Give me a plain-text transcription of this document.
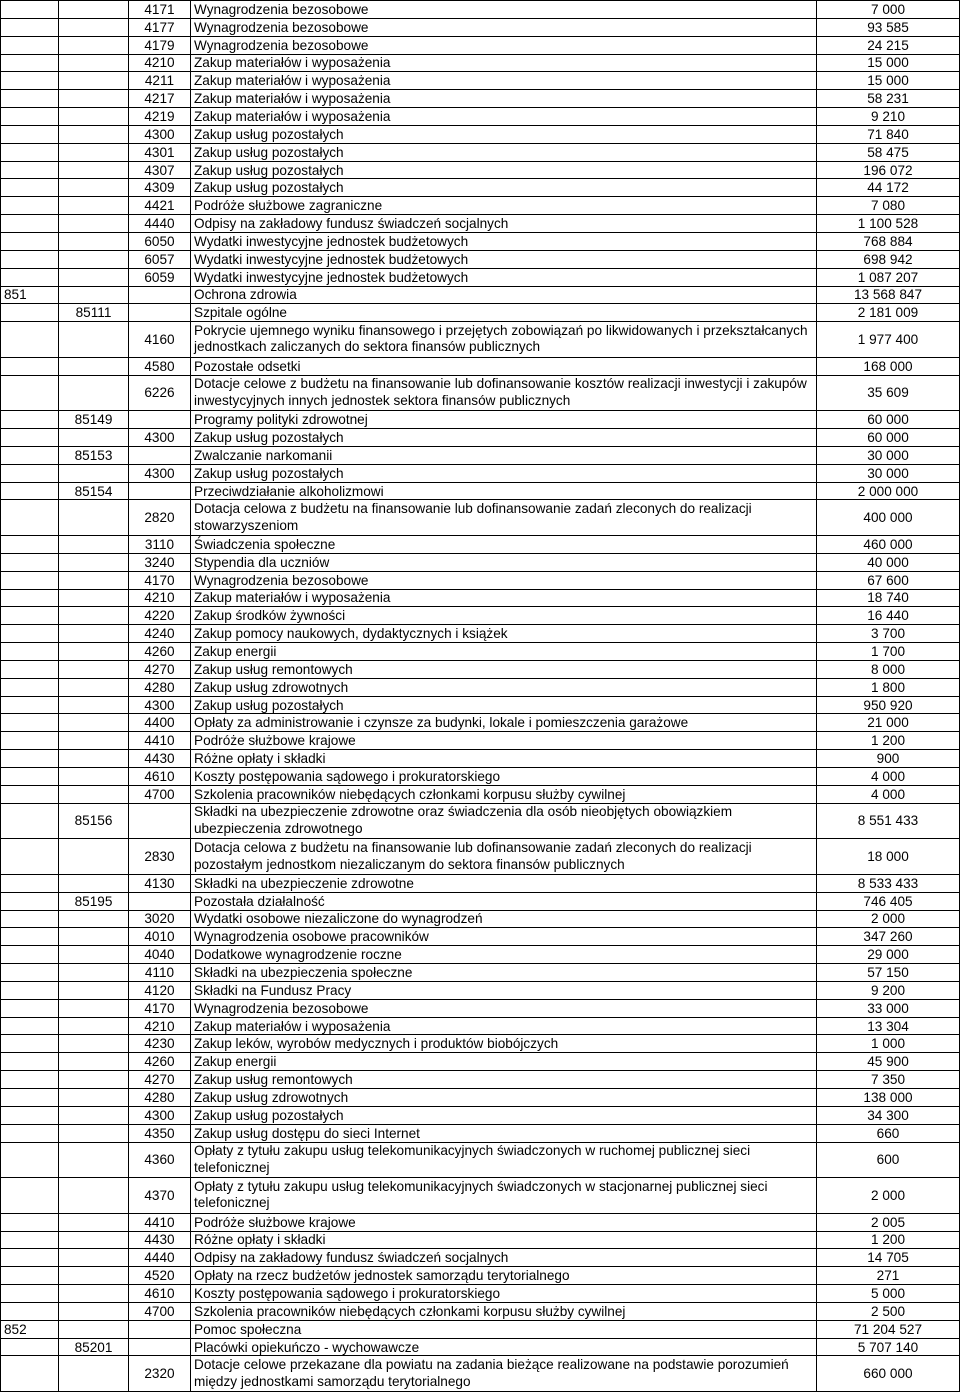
		4171	Wynagrodzenia bezosobowe	7 000
		4177	Wynagrodzenia bezosobowe	93 585
		4179	Wynagrodzenia bezosobowe	24 215
		4210	Zakup materiałów i wyposażenia	15 000
		4211	Zakup materiałów i wyposażenia	15 000
		4217	Zakup materiałów i wyposażenia	58 231
		4219	Zakup materiałów i wyposażenia	9 210
		4300	Zakup usług pozostałych	71 840
		4301	Zakup usług pozostałych	58 475
		4307	Zakup usług pozostałych	196 072
		4309	Zakup usług pozostałych	44 172
		4421	Podróże służbowe zagraniczne	7 080
		4440	Odpisy na zakładowy fundusz świadczeń socjalnych	1 100 528
		6050	Wydatki inwestycyjne jednostek budżetowych	768 884
		6057	Wydatki inwestycyjne jednostek budżetowych	698 942
		6059	Wydatki inwestycyjne jednostek budżetowych	1 087 207
851			Ochrona zdrowia	13 568 847
	85111		Szpitale ogólne	2 181 009
		4160	Pokrycie ujemnego wyniku finansowego i przejętych zobowiązań po likwidowanych i przekształcanych jednostkach zaliczanych do sektora finansów publicznych	1 977 400
		4580	Pozostałe odsetki	168 000
		6226	Dotacje celowe z budżetu na finansowanie lub dofinansowanie kosztów realizacji inwestycji i zakupów inwestycyjnych innych jednostek sektora finansów publicznych	35 609
	85149		Programy polityki zdrowotnej	60 000
		4300	Zakup usług pozostałych	60 000
	85153		Zwalczanie narkomanii	30 000
		4300	Zakup usług pozostałych	30 000
	85154		Przeciwdziałanie alkoholizmowi	2 000 000
		2820	Dotacja celowa z budżetu na finansowanie lub dofinansowanie zadań zleconych do realizacji stowarzyszeniom	400 000
		3110	Świadczenia społeczne	460 000
		3240	Stypendia dla uczniów	40 000
		4170	Wynagrodzenia bezosobowe	67 600
		4210	Zakup materiałów i wyposażenia	18 740
		4220	Zakup środków żywności	16 440
		4240	Zakup pomocy naukowych, dydaktycznych i książek	3 700
		4260	Zakup energii	1 700
		4270	Zakup usług remontowych	8 000
		4280	Zakup usług zdrowotnych	1 800
		4300	Zakup usług pozostałych	950 920
		4400	Opłaty za administrowanie i czynsze za budynki, lokale i pomieszczenia garażowe	21 000
		4410	Podróże służbowe krajowe	1 200
		4430	Różne opłaty i składki	900
		4610	Koszty postępowania sądowego i prokuratorskiego	4 000
		4700	Szkolenia pracowników niebędących członkami korpusu służby cywilnej	4 000
	85156		Składki na ubezpieczenie zdrowotne oraz świadczenia dla osób nieobjętych obowiązkiem ubezpieczenia zdrowotnego	8 551 433
		2830	Dotacja celowa z budżetu na finansowanie lub dofinansowanie zadań zleconych do realizacji pozostałym jednostkom niezaliczanym do sektora finansów publicznych	18 000
		4130	Składki na ubezpieczenie zdrowotne	8 533 433
	85195		Pozostała działalność	746 405
		3020	Wydatki osobowe niezaliczone do wynagrodzeń	2 000
		4010	Wynagrodzenia osobowe pracowników	347 260
		4040	Dodatkowe wynagrodzenie roczne	29 000
		4110	Składki na ubezpieczenia społeczne	57 150
		4120	Składki na Fundusz Pracy	9 200
		4170	Wynagrodzenia bezosobowe	33 000
		4210	Zakup materiałów i wyposażenia	13 304
		4230	Zakup leków, wyrobów medycznych i produktów biobójczych	1 000
		4260	Zakup energii	45 900
		4270	Zakup usług remontowych	7 350
		4280	Zakup usług zdrowotnych	138 000
		4300	Zakup usług pozostałych	34 300
		4350	Zakup usług dostępu do sieci Internet	660
		4360	Opłaty z tytułu zakupu usług telekomunikacyjnych świadczonych w ruchomej publicznej sieci telefonicznej	600
		4370	Opłaty z tytułu zakupu usług telekomunikacyjnych świadczonych w stacjonarnej publicznej sieci telefonicznej	2 000
		4410	Podróże służbowe krajowe	2 005
		4430	Różne opłaty i składki	1 200
		4440	Odpisy na zakładowy fundusz świadczeń socjalnych	14 705
		4520	Opłaty na rzecz budżetów jednostek samorządu terytorialnego	271
		4610	Koszty postępowania sądowego i prokuratorskiego	5 000
		4700	Szkolenia pracowników niebędących członkami korpusu służby cywilnej	2 500
852			Pomoc społeczna	71 204 527
	85201		Placówki opiekuńczo - wychowawcze	5 707 140
		2320	Dotacje celowe przekazane dla powiatu na zadania bieżące realizowane na podstawie porozumień między jednostkami samorządu terytorialnego	660 000
